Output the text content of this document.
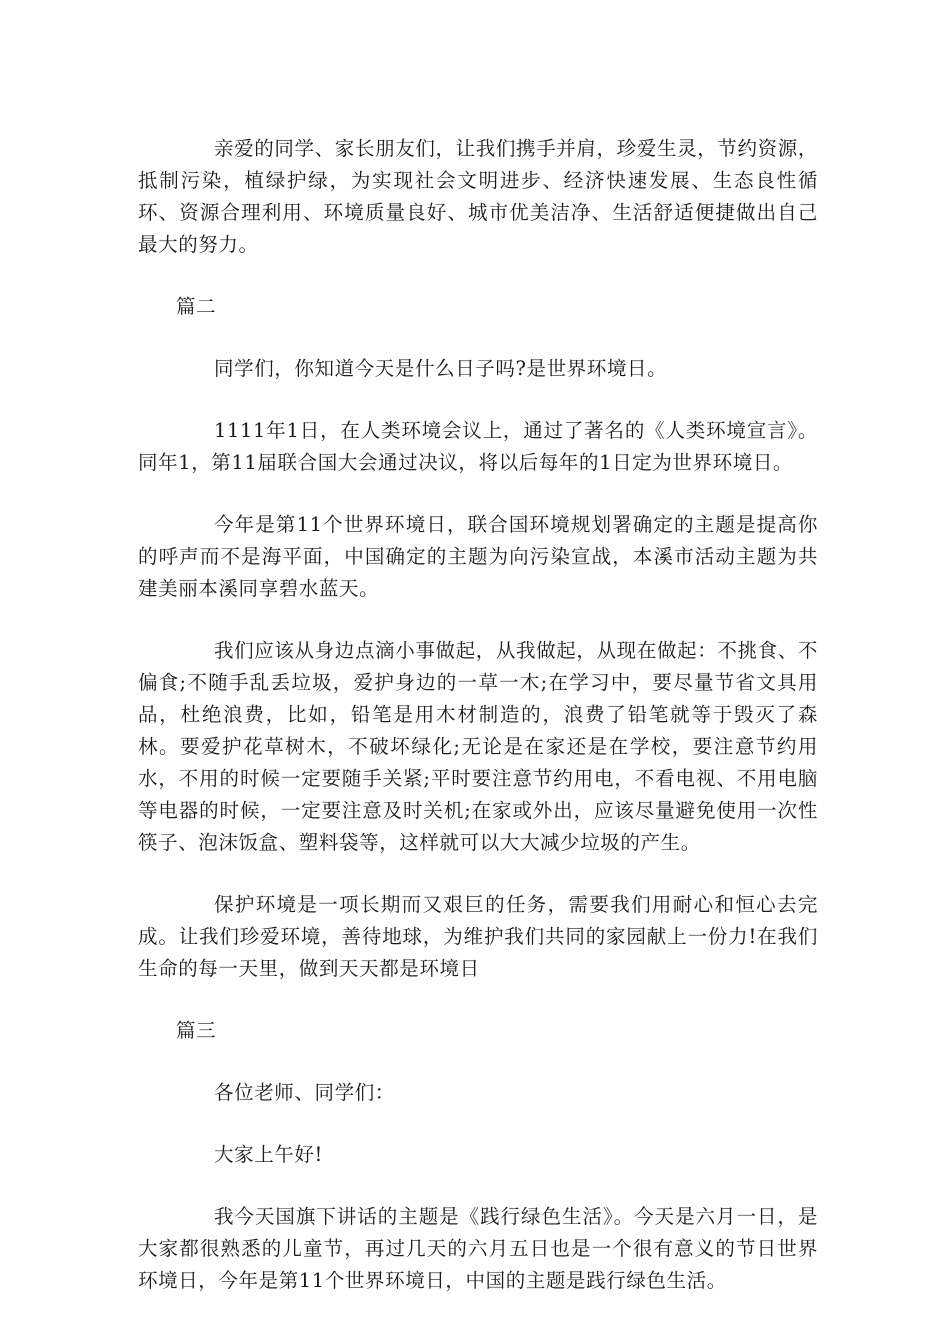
亲爱的同学、家长朋友们，让我们携手并肩，珍爱生灵，节约资源，抵制污染，植绿护绿，为实现社会文明进步、经济快速发展、生态良性循环、资源合理利用、环境质量良好、城市优美洁净、生活舒适便捷做出自己最大的努力。

篇二

同学们，你知道今天是什么日子吗?是世界环境日。

1111年1日，在人类环境会议上，通过了著名的《人类环境宣言》。同年1，第11届联合国大会通过决议，将以后每年的1日定为世界环境日。

今年是第11个世界环境日，联合国环境规划署确定的主题是提高你的呼声而不是海平面，中国确定的主题为向污染宣战，本溪市活动主题为共建美丽本溪同享碧水蓝天。

我们应该从身边点滴小事做起，从我做起，从现在做起：不挑食、不偏食;不随手乱丢垃圾，爱护身边的一草一木;在学习中，要尽量节省文具用品，杜绝浪费，比如，铅笔是用木材制造的，浪费了铅笔就等于毁灭了森林。要爱护花草树木，不破坏绿化;无论是在家还是在学校，要注意节约用水，不用的时候一定要随手关紧;平时要注意节约用电，不看电视、不用电脑等电器的时候，一定要注意及时关机;在家或外出，应该尽量避免使用一次性筷子、泡沫饭盒、塑料袋等，这样就可以大大减少垃圾的产生。

保护环境是一项长期而又艰巨的任务，需要我们用耐心和恒心去完成。让我们珍爱环境，善待地球，为维护我们共同的家园献上一份力!在我们生命的每一天里，做到天天都是环境日

篇三

各位老师、同学们：

大家上午好!

我今天国旗下讲话的主题是《践行绿色生活》。今天是六月一日，是大家都很熟悉的儿童节，再过几天的六月五日也是一个很有意义的节日世界环境日，今年是第11个世界环境日，中国的主题是践行绿色生活。
